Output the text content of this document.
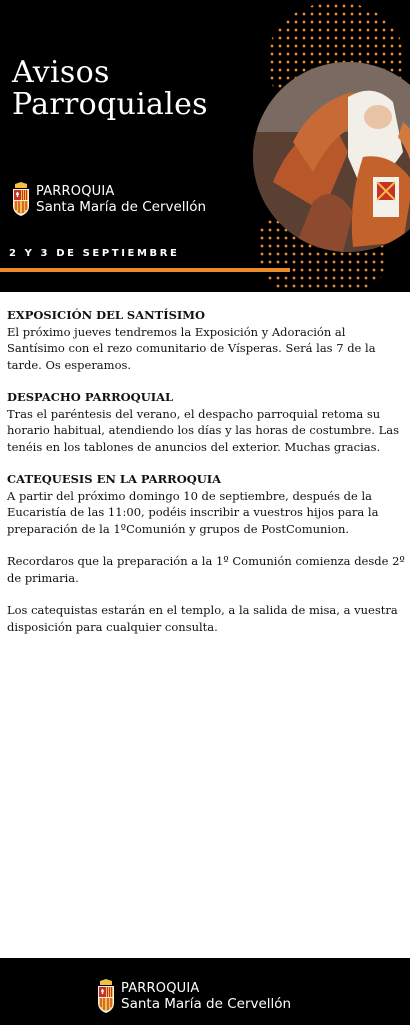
Avisos
Parroquiales
PARROQUIA
Santa María de Cervellón
2 Y 3 DE SEPTIEMBRE
EXPOSICIÓN DEL SANTÍSIMO

El próximo jueves tendremos la Exposición y Adoración al Santísimo con el rezo comunitario de Vísperas. Será las 7 de la tarde. Os esperamos.

DESPACHO PARROQUIAL

Tras el paréntesis del verano, el despacho parroquial retoma su horario habitual, atendiendo los días y las horas de costumbre. Las tenéis en los tablones de anuncios del exterior. Muchas gracias.

CATEQUESIS EN LA PARROQUIA

A partir del próximo domingo 10 de septiembre, después de la Eucaristía de las 11:00, podéis inscribir a vuestros hijos para la preparación de la 1ºComunión y grupos de PostComunion.

Recordaros que la preparación a la 1º Comunión comienza desde 2º de primaria.

Los catequistas estarán en el templo, a la salida de misa, a vuestra disposición para cualquier consulta.

PARROQUIA
Santa María de Cervellón
